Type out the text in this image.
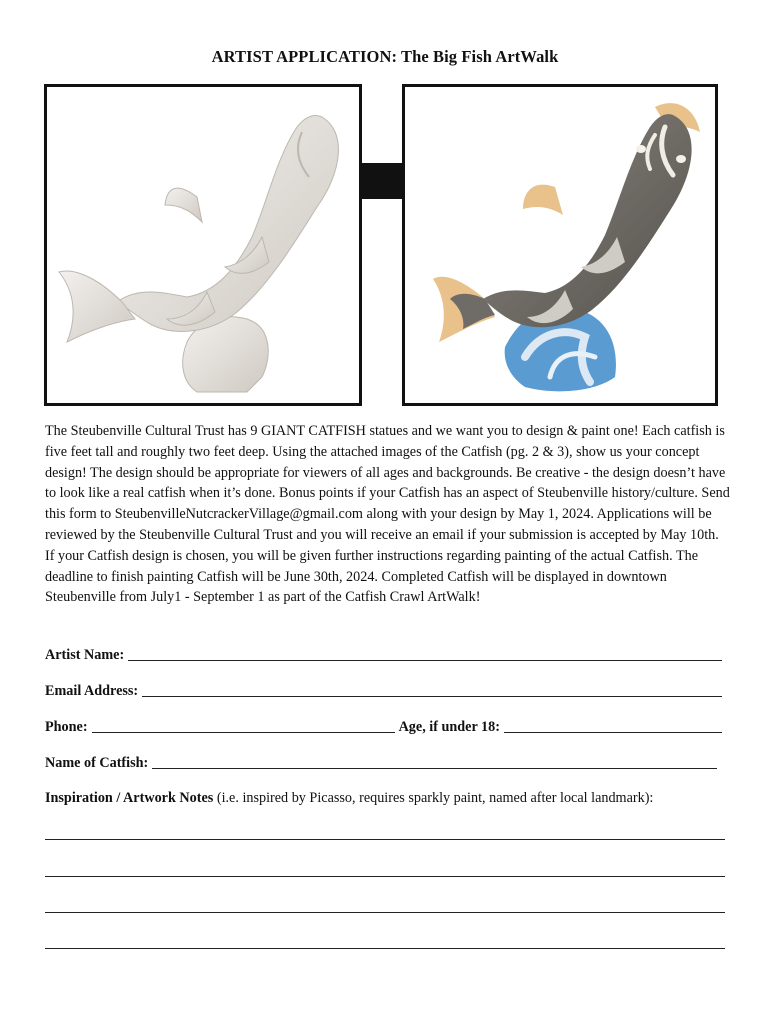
ARTIST APPLICATION: The Big Fish ArtWalk

The Steubenville Cultural Trust has 9 GIANT CATFISH statues and we want you to design & paint one! Each catfish is five feet tall and roughly two feet deep. Using the attached images of the Catfish (pg. 2 & 3), show us your concept design! The design should be appropriate for viewers of all ages and backgrounds. Be creative - the design doesn’t have to look like a real catfish when it’s done. Bonus points if your Catfish has an aspect of Steubenville history/culture. Send this form to SteubenvilleNutcrackerVillage@gmail.com along with your design by May 1, 2024. Applications will be reviewed by the Steubenville Cultural Trust and you will receive an email if your submission is accepted by May 10th. If your Catfish design is chosen, you will be given further instructions regarding painting of the actual Catfish. The deadline to finish painting Catfish will be June 30th, 2024. Completed Catfish will be displayed in downtown Steubenville from July1 - September 1 as part of the Catfish Crawl ArtWalk!

Artist Name:
Email Address:
Phone:	Age, if under 18:
Name of Catfish:
Inspiration / Artwork Notes (i.e. inspired by Picasso, requires sparkly paint, named after local landmark):
